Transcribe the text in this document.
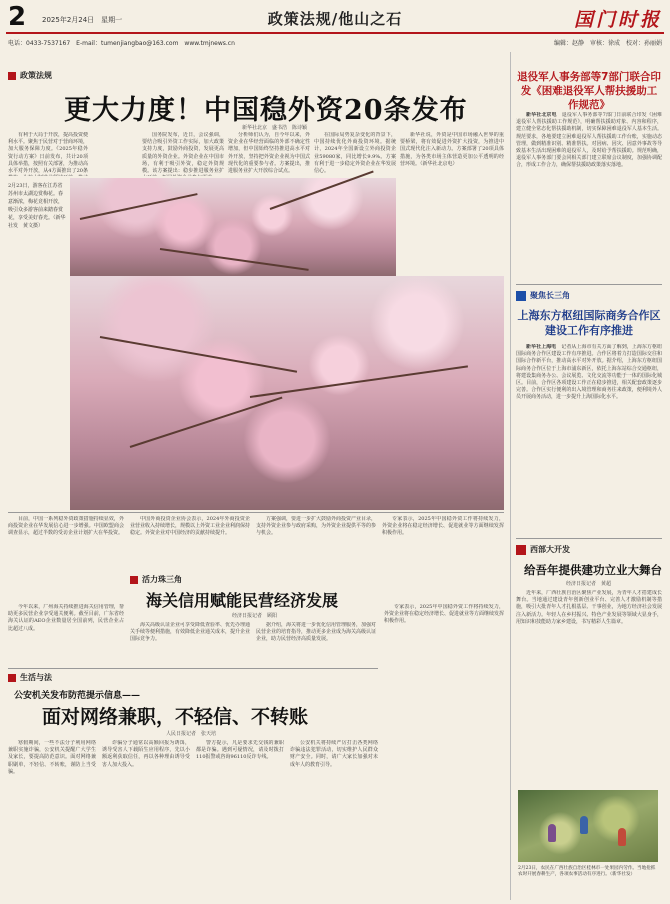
2 2025年2月24日　星期一	政策法规/他山之石	国门时报
电话：0433-7537167　E-mail：tumenjiangbao@163.com　www.tmjnews.cn	编辑：赵静　审核：徐成　校对：孙丽娟
政策法规
更大力度！中国稳外资20条发布
新华社北京　盛书浩　陈诗颖

有利于大局于开放，提高投资便利水平。聚焦于民营对于营商环境，加大服务保障力度。《2025年稳外资行动方案》日前发布，共计20项具体举措，按照有关部署，为推动高水平对外开放，从4方面推出了20条

国务院发布，近日，会议强调，要结合吸引外资工作实际，加大政策支持力度，鼓励外商投资，发展更高质量的外资企业。外资企业在中国市场，有利于吸引外资，稳定外资规模。该方案提出：稳步推进服务业扩

分析师们认为，自今年以来，外资企业在华经营面临的外部不确定性增加，但中国始终坚持推进高水平对外开放，坚持把外资企业视为中国式现代化的重要参与者。方案提出，推进服务业扩大开放综合试点。

在国际局势复杂变化的背景下，中国持续优化外商投资环境。据统计，2024年全国新设立外商投资企业59080家，同比增长9.9%。方案有利于进一步稳定外资企业在华发展信心。

新华社说，外资是中国市场融入世界的重要桥梁，将有效促进外资扩大投资，为推进中国式现代化注入新动力。方案部署了20项具体措施，为各类市场主体营造更加公平透明的经营环境。（新华社北京电）

2月23日，游客在江苏省苏州市太湖边赏梅花。春意渐浓，梅花竞相开放，吸引众多游客前来踏春赏花，享受美好春光。（新华社发　黄文摄）

目前，中国一系列稳外资政策措施持续显效，外商投资企业在华发展信心进一步增强。中国欧盟商会调查显示，超过半数的受访企业计划扩大在华投资。

中国外商投资企业协会表示，2024年外商投资企业营业收入持续增长，规模以上外资工业企业利润保持稳定。外资企业对中国经济的贡献持续提升。

方案强调，要进一步扩大鼓励外商投资产业目录，支持外资企业参与政府采购，为外资企业提供平等的参与机会。

专家表示，2025年中国稳外资工作将持续发力，外资企业将在稳定经济增长、促进就业等方面继续发挥积极作用。

活力珠三角
海关信用赋能民营经济发展
经济日报记者　顾阳

今年以来，广州海关持续推进海关信用管理，帮助更多民营企业享受通关便利。截至目前，广东省经海关认证的AEO企业数量居全国前列，民营企业占比超过八成。

海关高级认证企业可享受降低查验率、优先办理通关手续等便利措施，有效降低企业通关成本，提升企业国际竞争力。

据介绍，海关将进一步优化信用管理服务，加强对民营企业的培育指导，推动更多企业成为海关高级认证企业，助力民营经济高质量发展。

生活与法
公安机关发布防范提示信息——
面对网络兼职，不轻信、不转账
人民日报记者　张天培

寒假期间，一些不法分子利用网络兼职实施诈骗，公安机关提醒广大学生及家长，要提高防范意识。面对网络兼职刷单，不轻信、不转账，谨防上当受骗。

诈骗分子通常以高额回报为诱饵，诱导受害人下载陌生应用程序，先以小额返利获取信任，再以各种理由诱导受害人加大投入。

警方提示，凡是要求先交钱的兼职都是诈骗。遇到可疑情况，请及时拨打110报警或咨询96110反诈专线。

公安机关将持续严厉打击各类网络诈骗违法犯罪活动，切实维护人民群众财产安全。同时，请广大家长加强对未成年人的教育引导。

专家表示，2025年中国稳外资工作将持续发力，外资企业将在稳定经济增长、促进就业等方面继续发挥积极作用。

退役军人事务部等7部门联合印发《困难退役军人帮扶援助工作规范》

新华社北京电　 退役军人事务部等7部门日前联合印发《困难退役军人帮扶援助工作规范》，明确帮扶援助对象、内容和程序，建立健全常态化帮扶援助机制，切实保障困难退役军人基本生活。规范要求，各地要建立困难退役军人帮扶援助工作台账，实施动态管理，做到精准识别、精准帮扶。对因病、因灾、因意外事故等导致基本生活出现困难的退役军人，及时给予帮扶援助。规范明确，退役军人事务部门要会同相关部门建立联席会议制度，加强协调配合，形成工作合力，确保帮扶援助政策落实落地。

聚焦长三角
上海东方枢纽国际商务合作区建设工作有序推进

新华社上海电　 记者从上海市有关方面了解到，上海东方枢纽国际商务合作区建设工作有序推进。合作区将着力打造国际交往和国际合作新平台，推动高水平对外开放。据介绍，上海东方枢纽国际商务合作区位于上海市浦东新区，依托上海东站综合交通枢纽，将建设集商务办公、会议展览、文化交流等功能于一体的国际化城区。目前，合作区各项建设工作正在稳步推进，相关配套政策逐步完善。合作区实行便利的出入境管理和商务往来政策，便利境外人员开展商务活动，进一步提升上海国际化水平。

西部大开发
给吾年提供建功立业大舞台
经济日报记者　黄超

近年来，广西壮族自治区聚焦产业发展，为青年人才搭建成长舞台。当地通过建设青年创新创业平台、完善人才激励机制等措施，吸引大批青年人才扎根基层、干事创业，为地方经济社会发展注入新活力。年轻人在乡村振兴、特色产业发展等领域大显身手，用知识和技能助力家乡建设，书写精彩人生篇章。

2月23日，农民在广西壮族自治区桂林市一处果园内劳作。当地抢抓农时开展春耕生产，各项农事活动有序进行。（新华社发）
